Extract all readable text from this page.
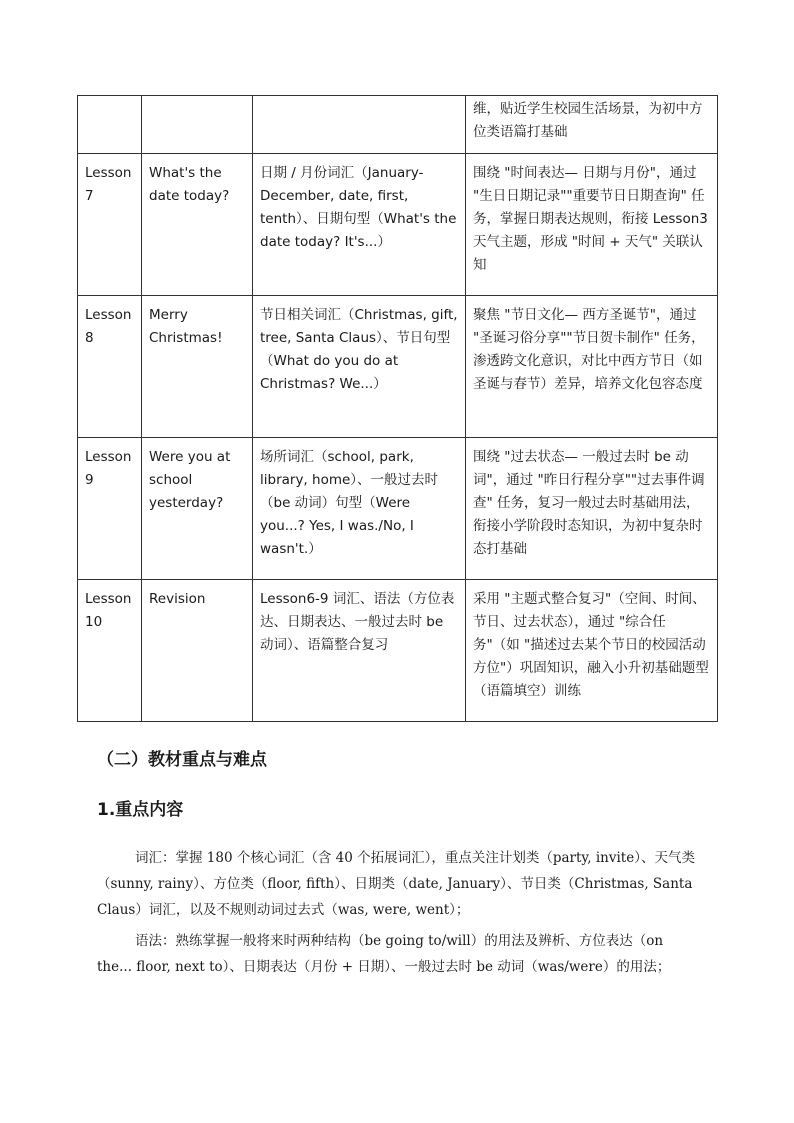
			维，贴近学生校园生活场景，为初中方位类语篇打基础
Lesson 7	What's the date today?	日期 / 月份词汇（January-December, date, first, tenth）、日期句型（What's the date today? It's...）	围绕 "时间表达— 日期与月份"，通过 "生日日期记录""重要节日日期查询" 任务，掌握日期表达规则，衔接 Lesson3 天气主题，形成 "时间 + 天气" 关联认知
Lesson 8	Merry Christmas!	节日相关词汇（Christmas, gift, tree, Santa Claus）、节日句型（What do you do at Christmas? We...）	聚焦 "节日文化— 西方圣诞节"，通过 "圣诞习俗分享""节日贺卡制作" 任务，渗透跨文化意识，对比中西方节日（如圣诞与春节）差异，培养文化包容态度
Lesson 9	Were you at school yesterday?	场所词汇（school, park, library, home）、一般过去时（be 动词）句型（Were you...? Yes, I was./No, I wasn't.）	围绕 "过去状态— 一般过去时 be 动词"，通过 "昨日行程分享""过去事件调查" 任务，复习一般过去时基础用法，衔接小学阶段时态知识，为初中复杂时态打基础
Lesson 10	Revision	Lesson6-9 词汇、语法（方位表达、日期表达、一般过去时 be 动词）、语篇整合复习	采用 "主题式整合复习"（空间、时间、节日、过去状态），通过 "综合任务"（如 "描述过去某个节日的校园活动方位"）巩固知识，融入小升初基础题型（语篇填空）训练
（二）教材重点与难点
1.重点内容

词汇：掌握 180 个核心词汇（含 40 个拓展词汇），重点关注计划类（party, invite）、天气类（sunny, rainy）、方位类（floor, fifth）、日期类（date, January）、节日类（Christmas, Santa Claus）词汇，以及不规则动词过去式（was, were, went）；

语法：熟练掌握一般将来时两种结构（be going to/will）的用法及辨析、方位表达（on the... floor, next to）、日期表达（月份 + 日期）、一般过去时 be 动词（was/were）的用法；
